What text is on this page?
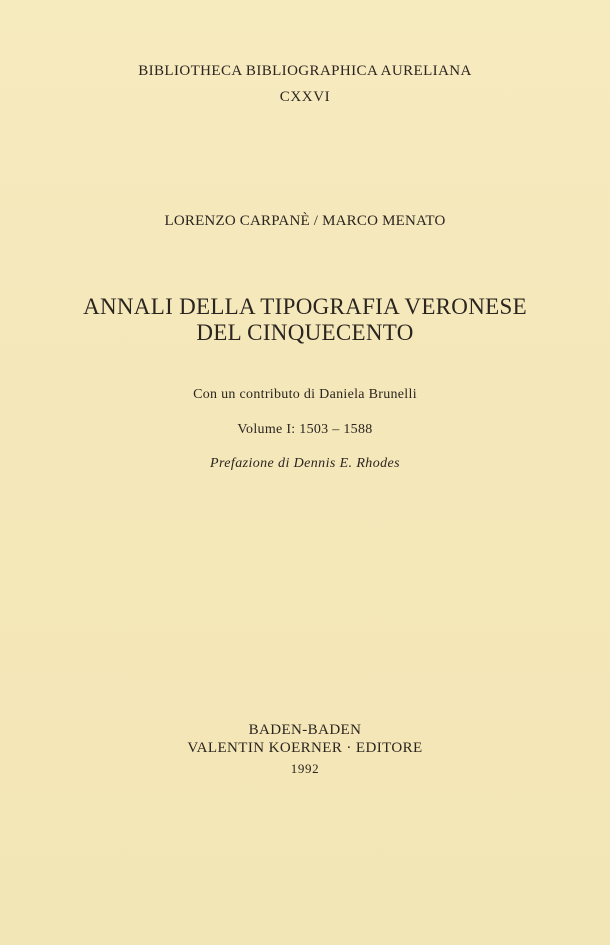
BIBLIOTHECA BIBLIOGRAPHICA AURELIANA
CXXVI
LORENZO CARPANÈ / MARCO MENATO
ANNALI DELLA TIPOGRAFIA VERONESE
DEL CINQUECENTO
Con un contributo di Daniela Brunelli
Volume I: 1503 – 1588
Prefazione di Dennis E. Rhodes
BADEN-BADEN
VALENTIN KOERNER · EDITORE
1992
